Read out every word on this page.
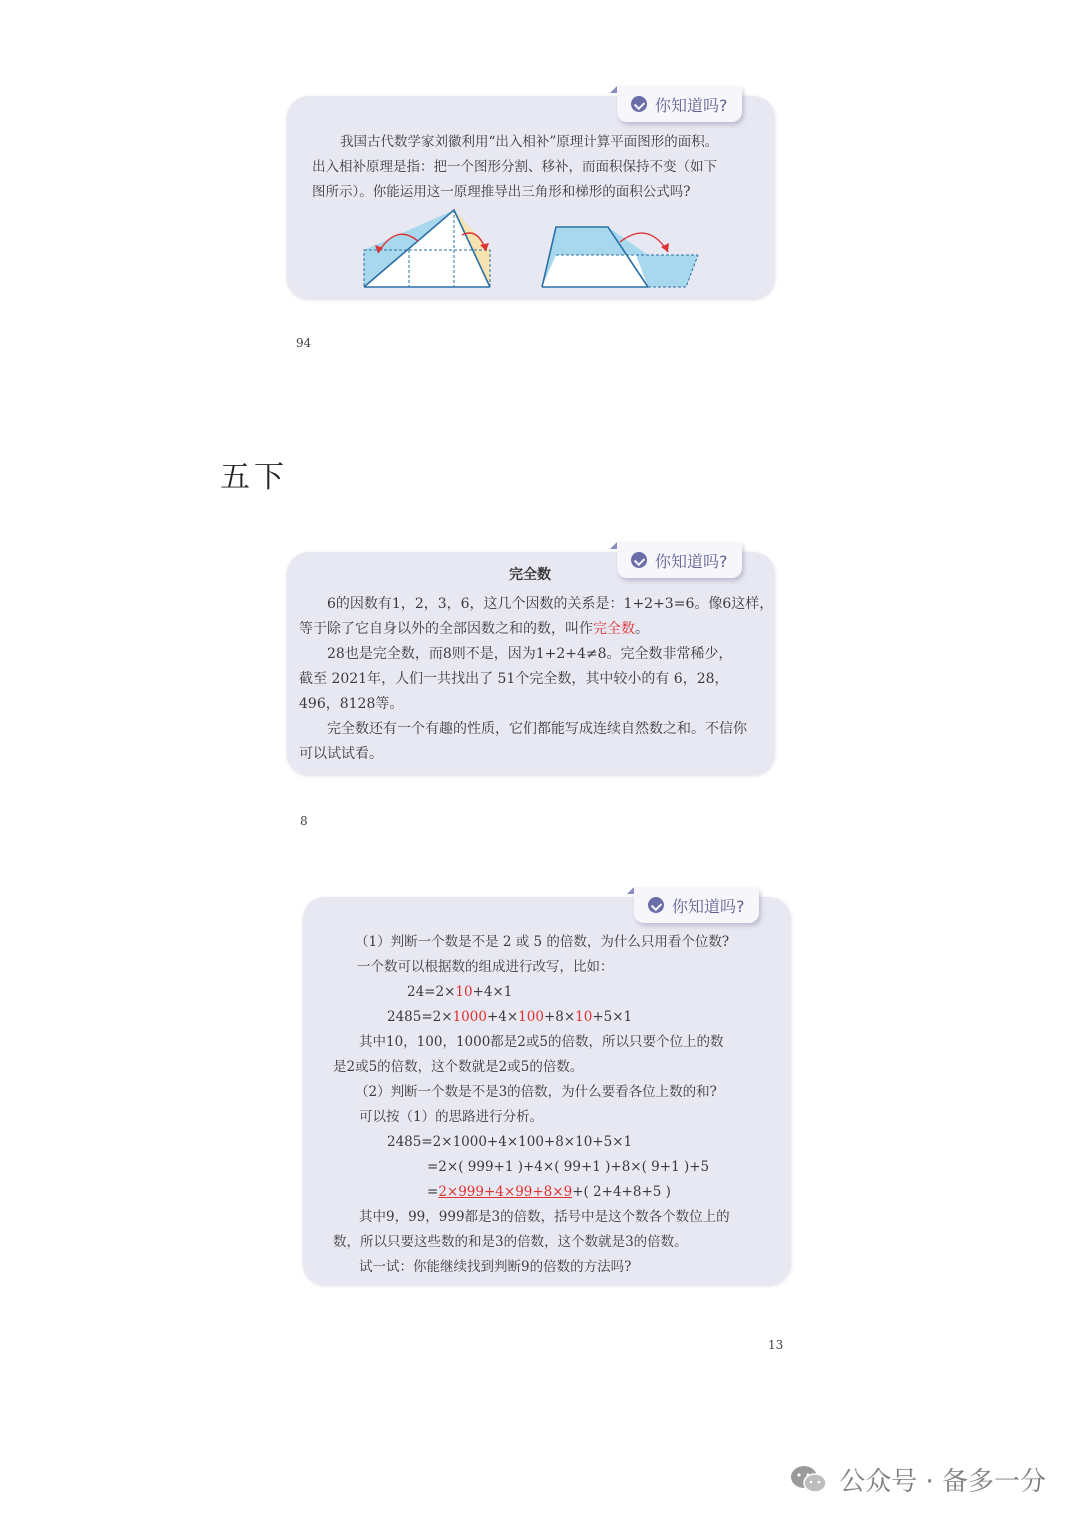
你知道吗?
我国古代数学家刘徽利用“出入相补”原理计算平面图形的面积。
出入相补原理是指：把一个图形分割、移补，而面积保持不变（如下
图所示）。你能运用这一原理推导出三角形和梯形的面积公式吗?
94
五下
你知道吗?
完全数
6的因数有1，2，3，6，这几个因数的关系是：1+2+3=6。像6这样，
等于除了它自身以外的全部因数之和的数，叫作完全数。
28也是完全数，而8则不是，因为1+2+4≠8。完全数非常稀少，
截至 2021年，人们一共找出了 51个完全数，其中较小的有 6，28，
496，8128等。
完全数还有一个有趣的性质，它们都能写成连续自然数之和。不信你
可以试试看。
8
你知道吗?
（1）判断一个数是不是 2 或 5 的倍数，为什么只用看个位数?
一个数可以根据数的组成进行改写，比如：
24=2×10+4×1
2485=2×1000+4×100+8×10+5×1
其中10，100，1000都是2或5的倍数，所以只要个位上的数
是2或5的倍数，这个数就是2或5的倍数。
（2）判断一个数是不是3的倍数，为什么要看各位上数的和?
可以按（1）的思路进行分析。
2485=2×1000+4×100+8×10+5×1
=2×( 999+1 )+4×( 99+1 )+8×( 9+1 )+5
=2×999+4×99+8×9+( 2+4+8+5 )
其中9，99，999都是3的倍数，括号中是这个数各个数位上的
数，所以只要这些数的和是3的倍数，这个数就是3的倍数。
试一试：你能继续找到判断9的倍数的方法吗?
13
公众号 · 备多一分
